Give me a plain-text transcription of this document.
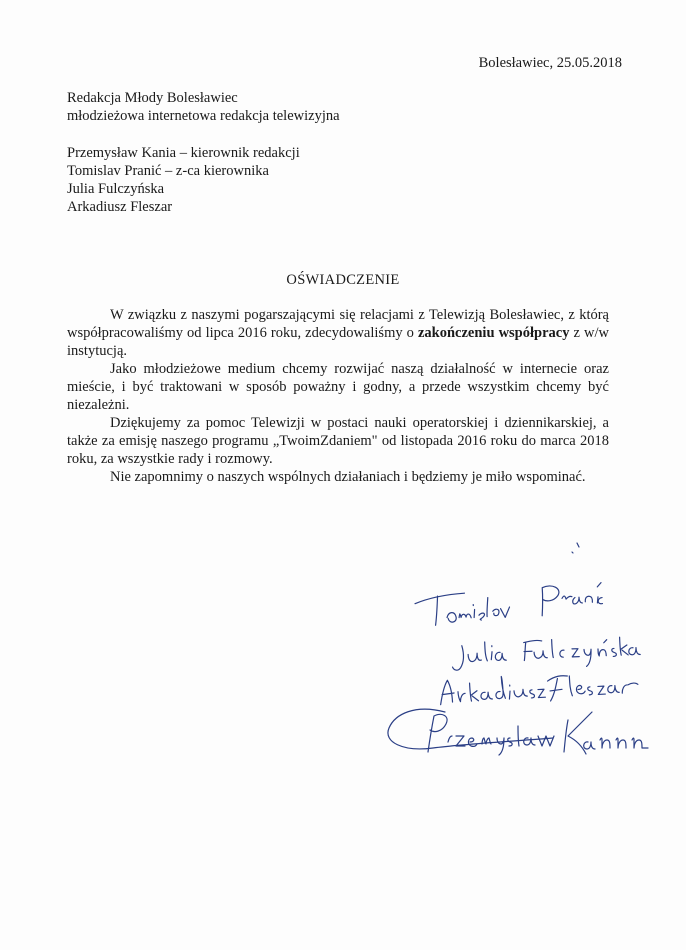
Bolesławiec, 25.05.2018
Redakcja Młody Bolesławiec
młodzieżowa internetowa redakcja telewizyjna
Przemysław Kania – kierownik redakcji
Tomislav Pranić – z-ca kierownika
Julia Fulczyńska
Arkadiusz Fleszar
OŚWIADCZENIE

W związku z naszymi pogarszającymi się relacjami z Telewizją Bolesławiec, z którą współpracowaliśmy od lipca 2016 roku, zdecydowaliśmy o zakończeniu współpracy z w/w instytucją.

Jako młodzieżowe medium chcemy rozwijać naszą działalność w internecie oraz mieście, i być traktowani w sposób poważny i godny, a przede wszystkim chcemy być niezależni.

Dziękujemy za pomoc Telewizji w postaci nauki operatorskiej i dziennikarskiej, a także za emisję naszego programu „TwoimZdaniem" od listopada 2016 roku do marca 2018 roku, za wszystkie rady i rozmowy.

Nie zapomnimy o naszych wspólnych działaniach i będziemy je miło wspominać.
